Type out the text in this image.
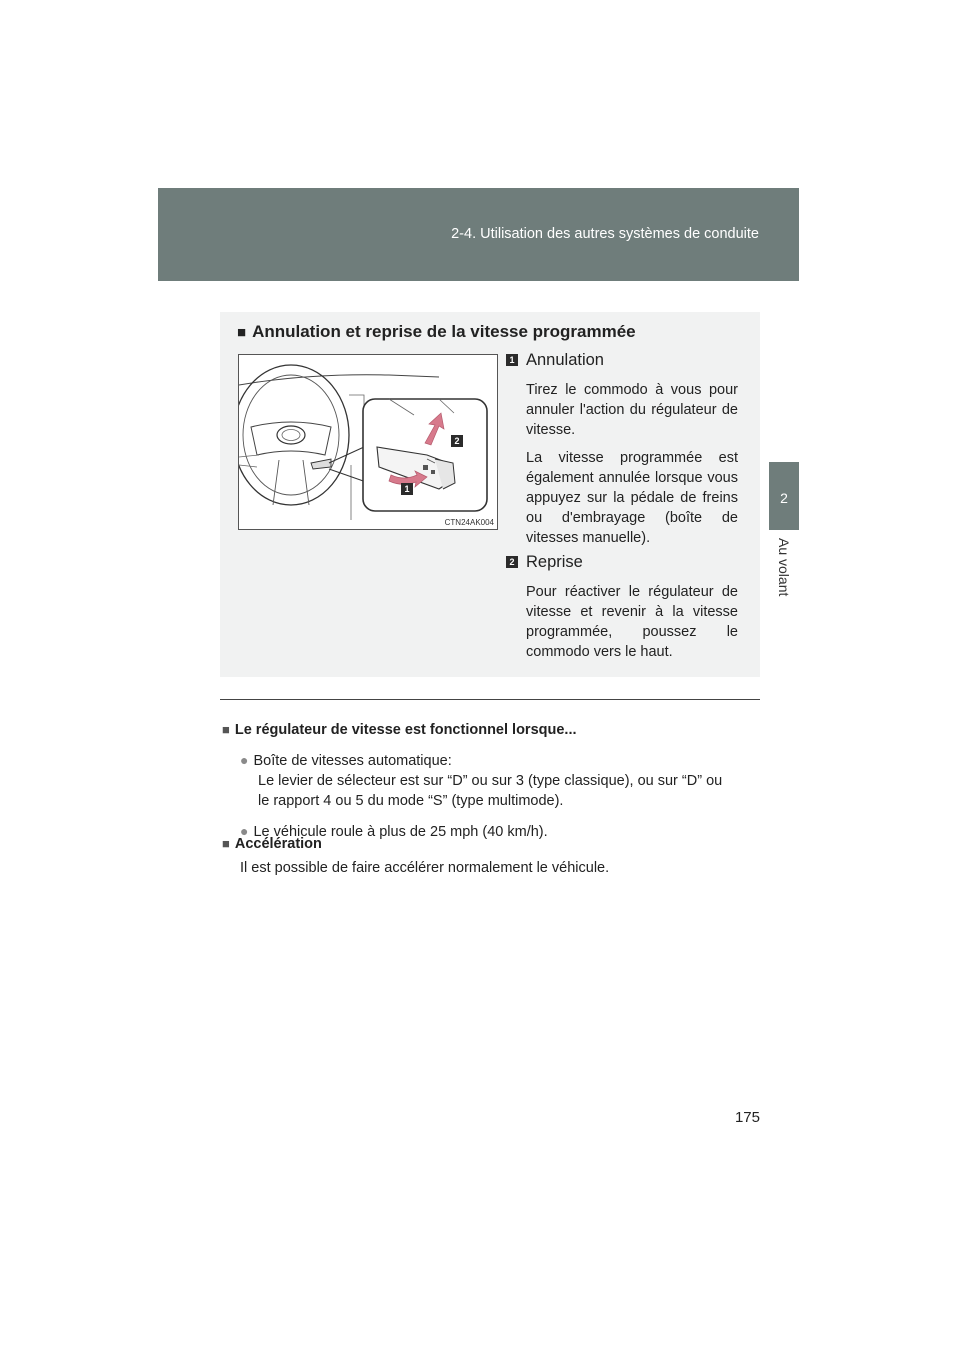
2-4. Utilisation des autres systèmes de conduite
2
Au volant
■ Annulation et reprise de la vitesse programmée
2
1
CTN24AK004
1 Annulation
Tirez le commodo à vous pour annuler l'action du régulateur de vitesse.
La vitesse programmée est également annulée lorsque vous appuyez sur la pédale de freins ou d'embrayage (boîte de vitesses manuelle).
2 Reprise
Pour réactiver le régulateur de vitesse et revenir à la vitesse programmée, poussez le commodo vers le haut.
■ Le régulateur de vitesse est fonctionnel lorsque...
● Boîte de vitesses automatique:
Le levier de sélecteur est sur “D” ou sur 3 (type classique), ou sur “D” ou
le rapport 4 ou 5 du mode “S” (type multimode).
● Le véhicule roule à plus de 25 mph (40 km/h).
■ Accélération
Il est possible de faire accélérer normalement le véhicule.
175
